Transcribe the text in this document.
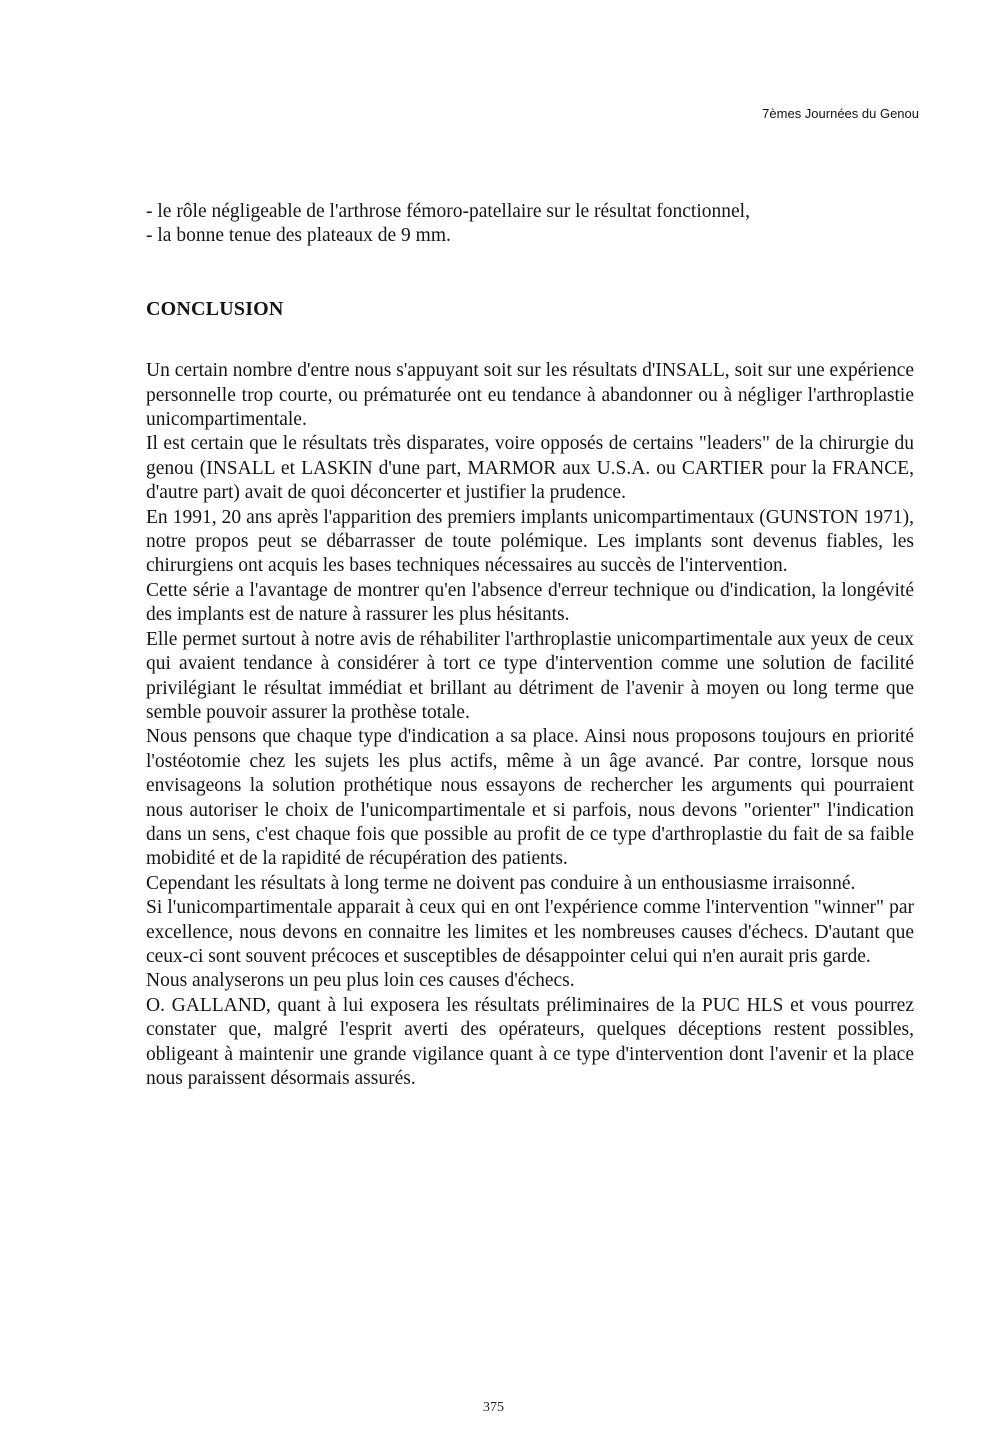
7èmes Journées du Genou

- le rôle négligeable de l'arthrose fémoro-patellaire sur le résultat fonctionnel,

- la bonne tenue des plateaux de 9 mm.

CONCLUSION

Un certain nombre d'entre nous s'appuyant soit sur les résultats d'INSALL, soit sur une expérience personnelle trop courte, ou prématurée ont eu tendance à abandonner ou à négliger l'arthroplastie unicompartimentale.

Il est certain que le résultats très disparates, voire opposés de certains "leaders" de la chirurgie du genou (INSALL et LASKIN d'une part, MARMOR aux U.S.A. ou CARTIER pour la FRANCE, d'autre part) avait de quoi déconcerter et justifier la prudence.

En 1991, 20 ans après l'apparition des premiers implants unicompartimentaux (GUNSTON 1971), notre propos peut se débarrasser de toute polémique. Les implants sont devenus fiables, les chirurgiens ont acquis les bases techniques nécessaires au succès de l'intervention.

Cette série a l'avantage de montrer qu'en l'absence d'erreur technique ou d'indication, la longévité des implants est de nature à rassurer les plus hésitants.

Elle permet surtout à notre avis de réhabiliter l'arthroplastie unicompartimentale aux yeux de ceux qui avaient tendance à considérer à tort ce type d'intervention comme une solution de facilité privilégiant le résultat immédiat et brillant au détriment de l'avenir à moyen ou long terme que semble pouvoir assurer la prothèse totale.

Nous pensons que chaque type d'indication a sa place. Ainsi nous proposons toujours en priorité l'ostéotomie chez les sujets les plus actifs, même à un âge avancé. Par contre, lorsque nous envisageons la solution prothétique nous essayons de rechercher les arguments qui pourraient nous autoriser le choix de l'unicompartimentale et si parfois, nous devons "orienter" l'indication dans un sens, c'est chaque fois que possible au profit de ce type d'arthroplastie du fait de sa faible mobidité et de la rapidité de récupération des patients.

Cependant les résultats à long terme ne doivent pas conduire à un enthousiasme irraisonné.

Si l'unicompartimentale apparait à ceux qui en ont l'expérience comme l'intervention "winner" par excellence, nous devons en connaitre les limites et les nombreuses causes d'échecs. D'autant que ceux-ci sont souvent précoces et susceptibles de désappointer celui qui n'en aurait pris garde.

Nous analyserons un peu plus loin ces causes d'échecs.

O. GALLAND, quant à lui exposera les résultats préliminaires de la PUC HLS et vous pourrez constater que, malgré l'esprit averti des opérateurs, quelques déceptions restent possibles, obligeant à maintenir une grande vigilance quant à ce type d'intervention dont l'avenir et la place nous paraissent désormais assurés.

375
